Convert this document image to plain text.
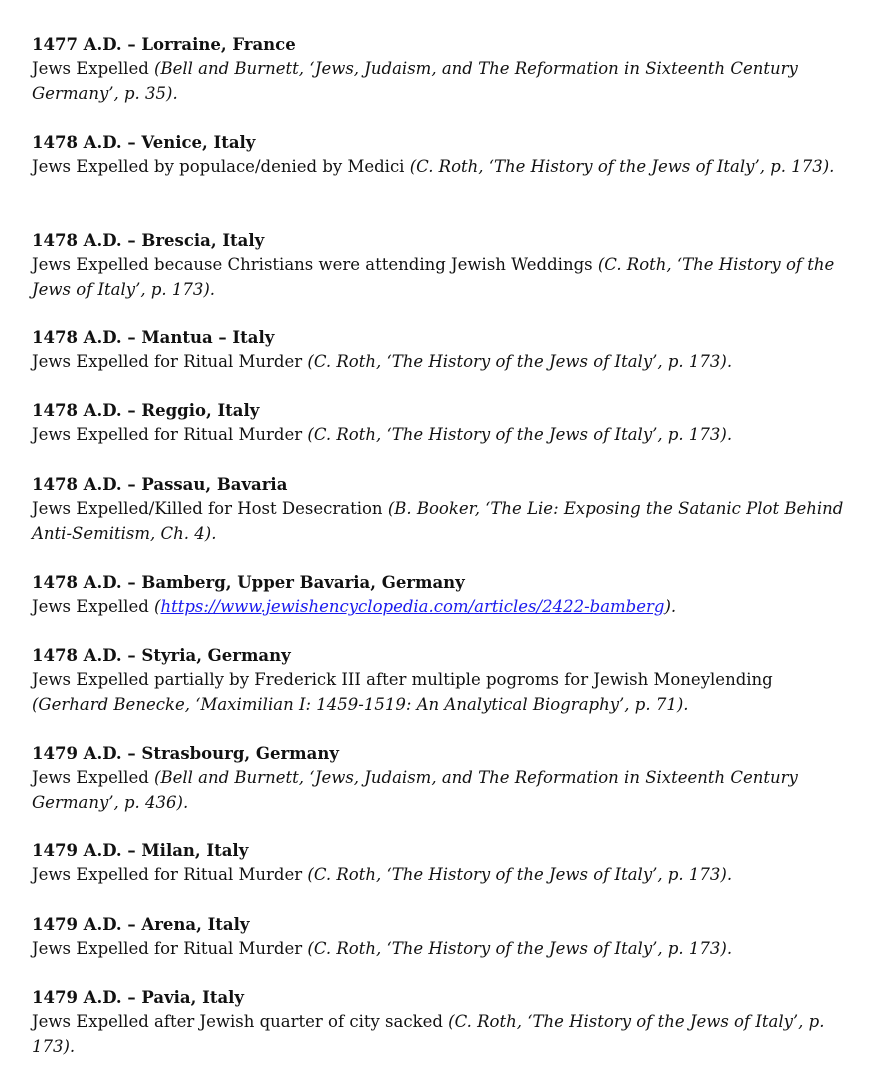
1477 A.D. – Lorraine, France
Jews Expelled (Bell and Burnett, ‘Jews, Judaism, and The Reformation in Sixteenth Century Germany’, p. 35).
1478 A.D. – Venice, Italy
Jews Expelled by populace/denied by Medici (C. Roth, ‘The History of the Jews of Italy’, p. 173).
1478 A.D. – Brescia, Italy
Jews Expelled because Christians were attending Jewish Weddings (C. Roth, ‘The History of the Jews of Italy’, p. 173).
1478 A.D. – Mantua – Italy
Jews Expelled for Ritual Murder (C. Roth, ‘The History of the Jews of Italy’, p. 173).
1478 A.D. – Reggio, Italy
Jews Expelled for Ritual Murder (C. Roth, ‘The History of the Jews of Italy’, p. 173).
1478 A.D. – Passau, Bavaria
Jews Expelled/Killed for Host Desecration (B. Booker, ‘The Lie: Exposing the Satanic Plot Behind Anti-Semitism, Ch. 4).
1478 A.D. – Bamberg, Upper Bavaria, Germany
Jews Expelled (https://www.jewishencyclopedia.com/articles/2422-bamberg).
1478 A.D. – Styria, Germany
Jews Expelled partially by Frederick III after multiple pogroms for Jewish Moneylending (Gerhard Benecke, ‘Maximilian I: 1459-1519: An Analytical Biography’, p. 71).
1479 A.D. – Strasbourg, Germany
Jews Expelled (Bell and Burnett, ‘Jews, Judaism, and The Reformation in Sixteenth Century Germany’, p. 436).
1479 A.D. – Milan, Italy
Jews Expelled for Ritual Murder (C. Roth, ‘The History of the Jews of Italy’, p. 173).
1479 A.D. – Arena, Italy
Jews Expelled for Ritual Murder (C. Roth, ‘The History of the Jews of Italy’, p. 173).
1479 A.D. – Pavia, Italy
Jews Expelled after Jewish quarter of city sacked (C. Roth, ‘The History of the Jews of Italy’, p. 173).
